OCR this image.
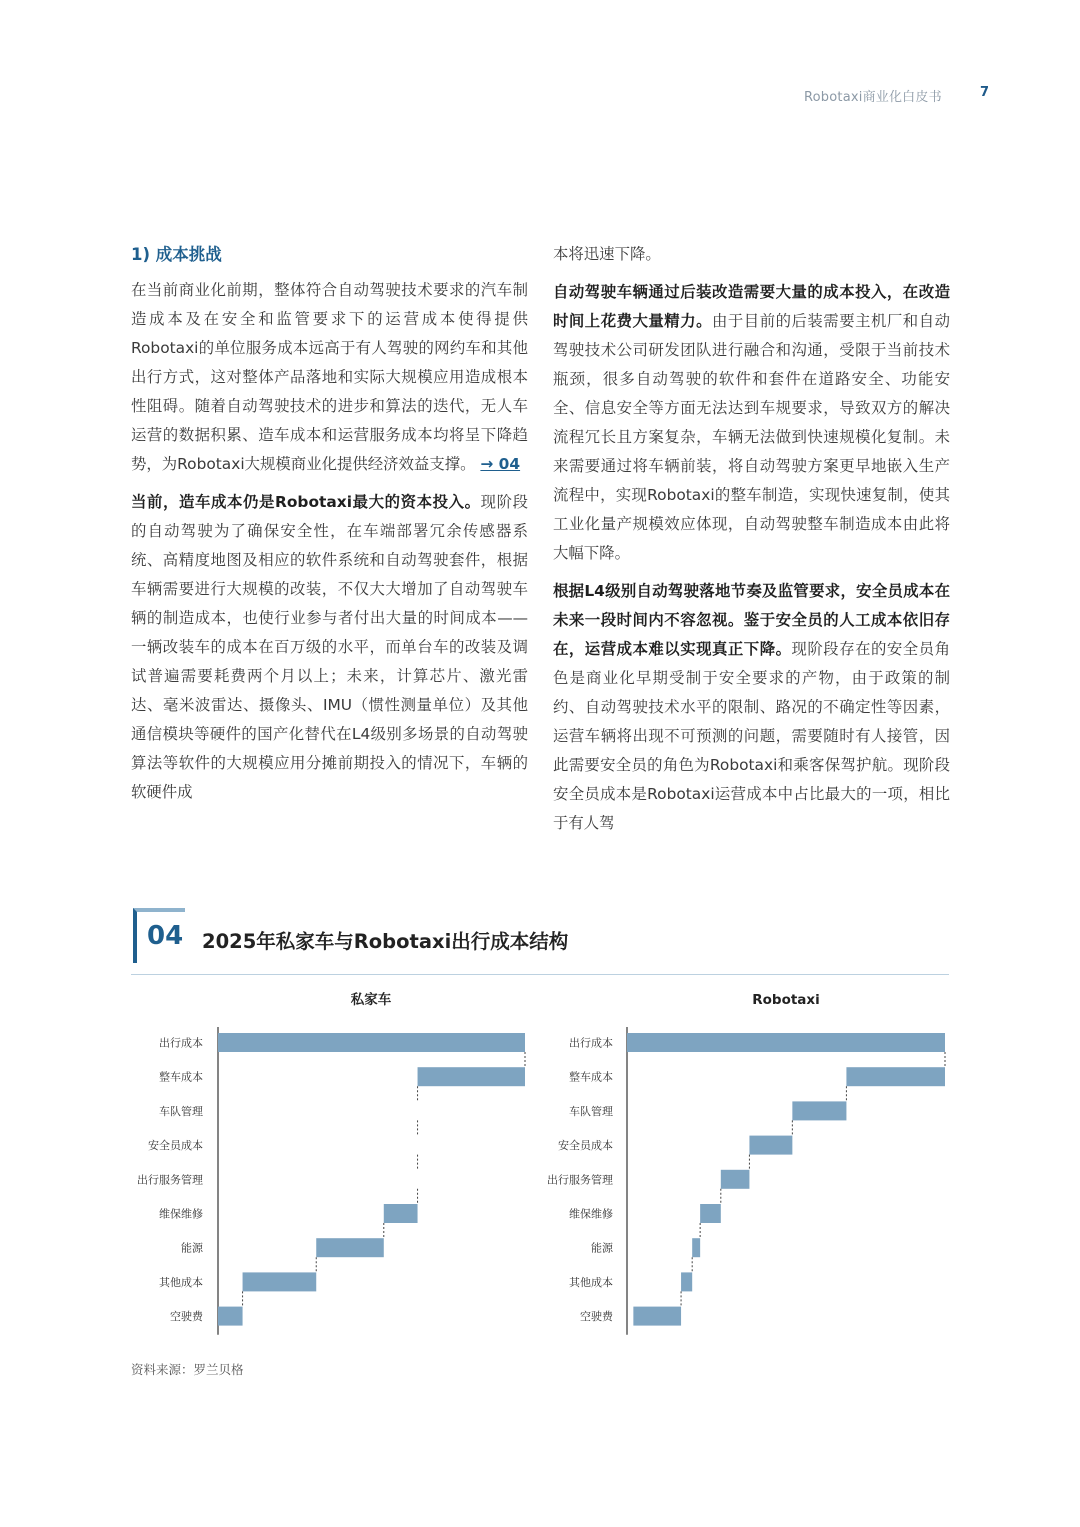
Robotaxi商业化白皮书	7
1) 成本挑战

在当前商业化前期，整体符合自动驾驶技术要求的汽车制造成本及在安全和监管要求下的运营成本使得提供Robotaxi的单位服务成本远高于有人驾驶的网约车和其他出行方式，这对整体产品落地和实际大规模应用造成根本性阻碍。随着自动驾驶技术的进步和算法的迭代，无人车运营的数据积累、造车成本和运营服务成本均将呈下降趋势，为Robotaxi大规模商业化提供经济效益支撑。 → 04

当前，造车成本仍是Robotaxi最大的资本投入。现阶段的自动驾驶为了确保安全性，在车端部署冗余传感器系统、高精度地图及相应的软件系统和自动驾驶套件，根据车辆需要进行大规模的改装，不仅大大增加了自动驾驶车辆的制造成本，也使行业参与者付出大量的时间成本——一辆改装车的成本在百万级的水平，而单台车的改装及调试普遍需要耗费两个月以上；未来，计算芯片、激光雷达、毫米波雷达、摄像头、IMU（惯性测量单位）及其他通信模块等硬件的国产化替代在L4级别多场景的自动驾驶算法等软件的大规模应用分摊前期投入的情况下，车辆的软硬件成

本将迅速下降。

自动驾驶车辆通过后装改造需要大量的成本投入，在改造时间上花费大量精力。由于目前的后装需要主机厂和自动驾驶技术公司研发团队进行融合和沟通，受限于当前技术瓶颈，很多自动驾驶的软件和套件在道路安全、功能安全、信息安全等方面无法达到车规要求，导致双方的解决流程冗长且方案复杂，车辆无法做到快速规模化复制。未来需要通过将车辆前装，将自动驾驶方案更早地嵌入生产流程中，实现Robotaxi的整车制造，实现快速复制，使其工业化量产规模效应体现，自动驾驶整车制造成本由此将大幅下降。

根据L4级别自动驾驶落地节奏及监管要求，安全员成本在未来一段时间内不容忽视。鉴于安全员的人工成本依旧存在，运营成本难以实现真正下降。现阶段存在的安全员角色是商业化早期受制于安全要求的产物，由于政策的制约、自动驾驶技术水平的限制、路况的不确定性等因素，运营车辆将出现不可预测的问题，需要随时有人接管，因此需要安全员的角色为Robotaxi和乘客保驾护航。现阶段安全员成本是Robotaxi运营成本中占比最大的一项，相比于有人驾

04 2025年私家车与Robotaxi出行成本结构
私家车
出行成本
整车成本
车队管理
安全员成本
出行服务管理
维保维修
能源
其他成本
空驶费
Robotaxi
出行成本
整车成本
车队管理
安全员成本
出行服务管理
维保维修
能源
其他成本
空驶费
资料来源：罗兰贝格
